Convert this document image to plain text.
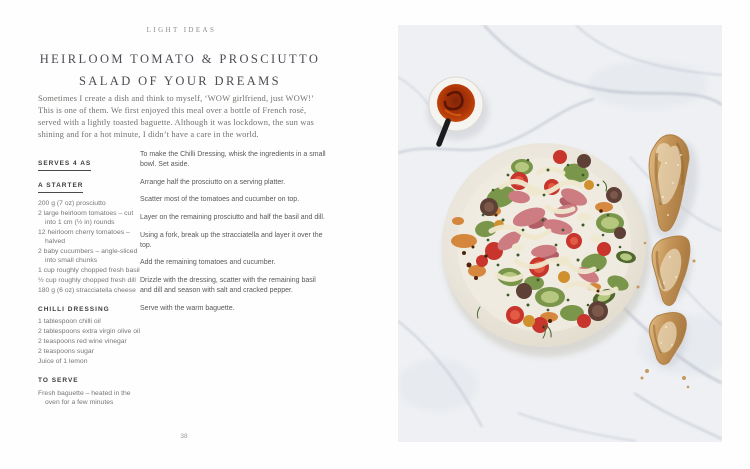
LIGHT IDEAS
HEIRLOOM TOMATO & PROSCIUTTO
SALAD OF YOUR DREAMS

Sometimes I create a dish and think to myself, ‘WOW girlfriend, just WOW!’ This is one of them. We first enjoyed this meal over a bottle of French rosé, served with a lightly toasted baguette. Although it was lockdown, the sun was shining and for a hot minute, I didn’t have a care in the world.

SERVES 4 AS
A STARTER
200 g (7 oz) prosciutto
2 large heirloom tomatoes – cut into 1 cm (½ in) rounds
12 heirloom cherry tomatoes – halved
2 baby cucumbers – angle-sliced into small chunks
1 cup roughly chopped fresh basil
½ cup roughly chopped fresh dill
180 g (6 oz) stracciatella cheese
CHILLI DRESSING
1 tablespoon chilli oil
2 tablespoons extra virgin olive oil
2 teaspoons red wine vinegar
2 teaspoons sugar
Juice of 1 lemon
TO SERVE
Fresh baguette – heated in the oven for a few minutes

To make the Chilli Dressing, whisk the ingredients in a small bowl. Set aside.

Arrange half the prosciutto on a serving platter.

Scatter most of the tomatoes and cucumber on top.

Layer on the remaining prosciutto and half the basil and dill.

Using a fork, break up the stracciatella and layer it over the top.

Add the remaining tomatoes and cucumber.

Drizzle with the dressing, scatter with the remaining basil and dill and season with salt and cracked pepper.

Serve with the warm baguette.

38
